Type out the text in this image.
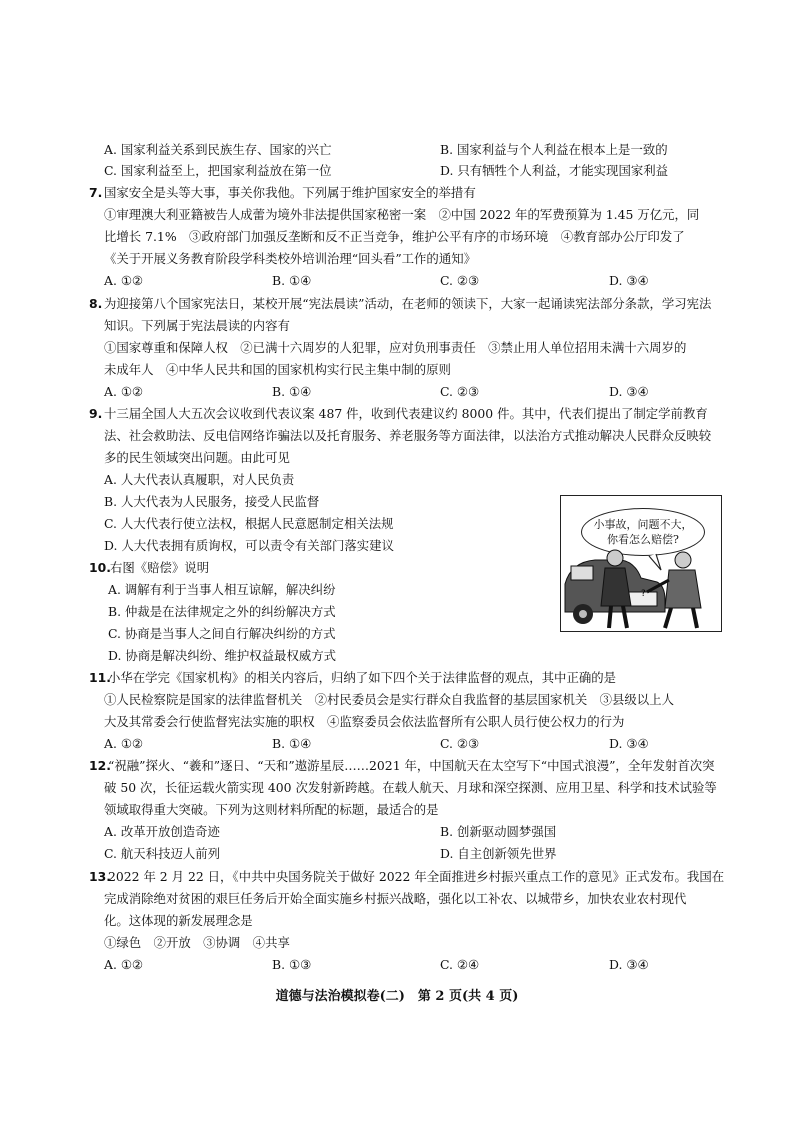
A. 国家利益关系到民族生存、国家的兴亡	B. 国家利益与个人利益在根本上是一致的
C. 国家利益至上，把国家利益放在第一位	D. 只有牺牲个人利益，才能实现国家利益
7. 国家安全是头等大事，事关你我他。下列属于维护国家安全的举措有
①审理澳大利亚籍被告人成蕾为境外非法提供国家秘密一案　②中国 2022 年的军费预算为 1.45 万亿元，同
比增长 7.1%　③政府部门加强反垄断和反不正当竞争，维护公平有序的市场环境　④教育部办公厅印发了
《关于开展义务教育阶段学科类校外培训治理“回头看”工作的通知》
A. ①②	B. ①④	C. ②③	D. ③④
8. 为迎接第八个国家宪法日，某校开展“宪法晨读”活动，在老师的领读下，大家一起诵读宪法部分条款，学习宪法
知识。下列属于宪法晨读的内容有
①国家尊重和保障人权　②已满十六周岁的人犯罪，应对负刑事责任　③禁止用人单位招用未满十六周岁的
未成年人　④中华人民共和国的国家机构实行民主集中制的原则
A. ①②	B. ①④	C. ②③	D. ③④
9. 十三届全国人大五次会议收到代表议案 487 件，收到代表建议约 8000 件。其中，代表们提出了制定学前教育
法、社会救助法、反电信网络诈骗法以及托育服务、养老服务等方面法律，以法治方式推动解决人民群众反映较
多的民生领域突出问题。由此可见
A. 人大代表认真履职，对人民负责
B. 人大代表为人民服务，接受人民监督
C. 人大代表行使立法权，根据人民意愿制定相关法规
D. 人大代表拥有质询权，可以责令有关部门落实建议
小事故，问题不大，
你看怎么赔偿?
?
10. 右图《赔偿》说明
A. 调解有利于当事人相互谅解，解决纠纷
B. 仲裁是在法律规定之外的纠纷解决方式
C. 协商是当事人之间自行解决纠纷的方式
D. 协商是解决纠纷、维护权益最权威方式
11.
小华在学完《国家机构》的相关内容后，归纳了如下四个关于法律监督的观点，其中正确的是
①人民检察院是国家的法律监督机关　②村民委员会是实行群众自我监督的基层国家机关　③县级以上人
大及其常委会行使监督宪法实施的职权　④监察委员会依法监督所有公职人员行使公权力的行为
A. ①②	B. ①④	C. ②③	D. ③④
12.
“祝融”探火、“羲和”逐日、“天和”遨游星辰……2021 年，中国航天在太空写下“中国式浪漫”，全年发射首次突
破 50 次，长征运载火箭实现 400 次发射新跨越。在载人航天、月球和深空探测、应用卫星、科学和技术试验等
领域取得重大突破。下列为这则材料所配的标题，最适合的是
A. 改革开放创造奇迹	B. 创新驱动圆梦强国
C. 航天科技迈人前列	D. 自主创新领先世界
13.
2022 年 2 月 22 日，《中共中央国务院关于做好 2022 年全面推进乡村振兴重点工作的意见》正式发布。我国在
完成消除绝对贫困的艰巨任务后开始全面实施乡村振兴战略，强化以工补农、以城带乡，加快农业农村现代
化。这体现的新发展理念是
①绿色　②开放　③协调　④共享
A. ①②	B. ①③	C. ②④	D. ③④
道德与法治模拟卷(二)　第 2 页(共 4 页)
